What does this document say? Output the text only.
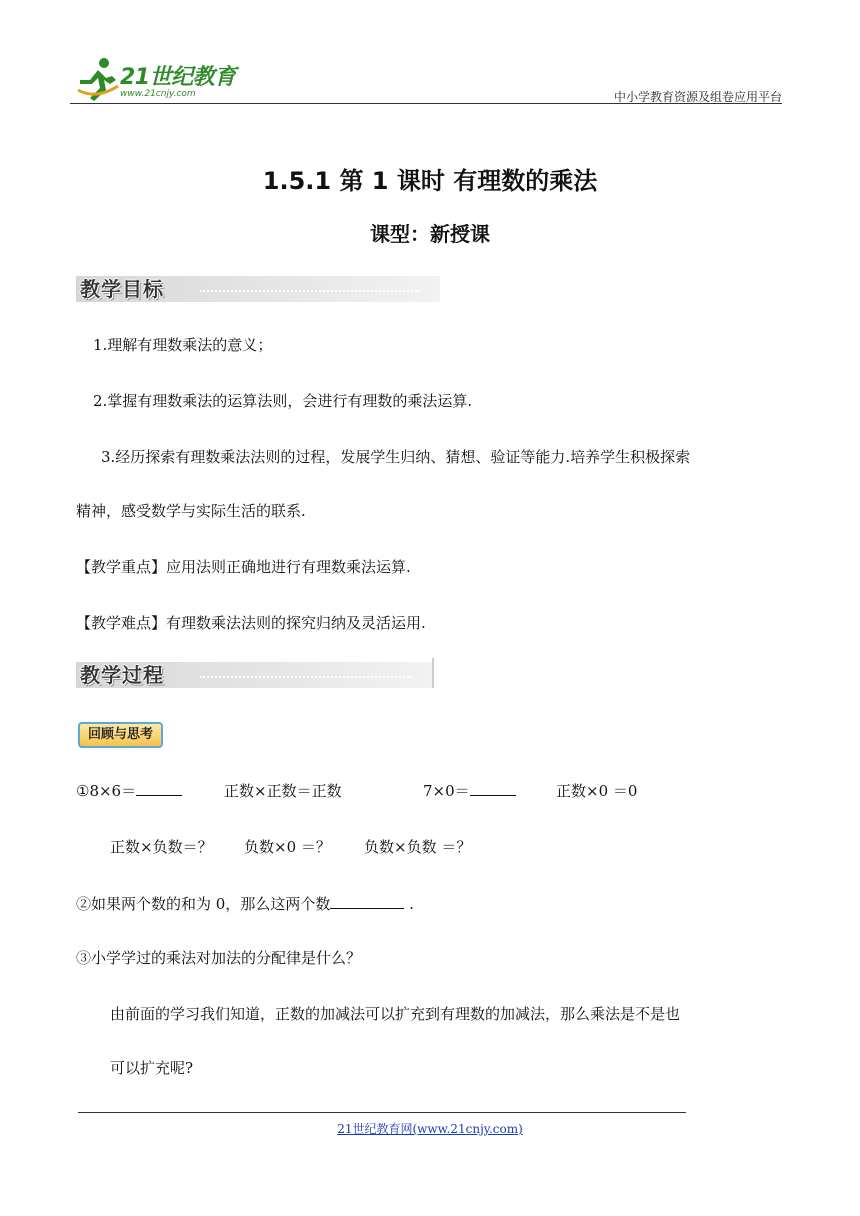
21世纪教育
www.21cnjy.com	中小学教育资源及组卷应用平台
1.5.1 第 1 课时 有理数的乘法
课型：新授课
教学目标
1.理解有理数乘法的意义；
2.掌握有理数乘法的运算法则，会进行有理数的乘法运算.
3.经历探索有理数乘法法则的过程，发展学生归纳、猜想、验证等能力.培养学生积极探索
精神，感受数学与实际生活的联系.
【教学重点】应用法则正确地进行有理数乘法运算.
【教学难点】有理数乘法法则的探究归纳及灵活运用.
教学过程
回顾与思考
①8×6＝	正数×正数＝正数	7×0＝	正数×0 ＝0
正数×负数＝？ 负数×0 ＝？ 负数×负数 ＝？
②如果两个数的和为 0，那么这两个数	.
③小学学过的乘法对加法的分配律是什么？
由前面的学习我们知道，正数的加减法可以扩充到有理数的加减法，那么乘法是不是也
可以扩充呢?
21世纪教育网(www.21cnjy.com)
